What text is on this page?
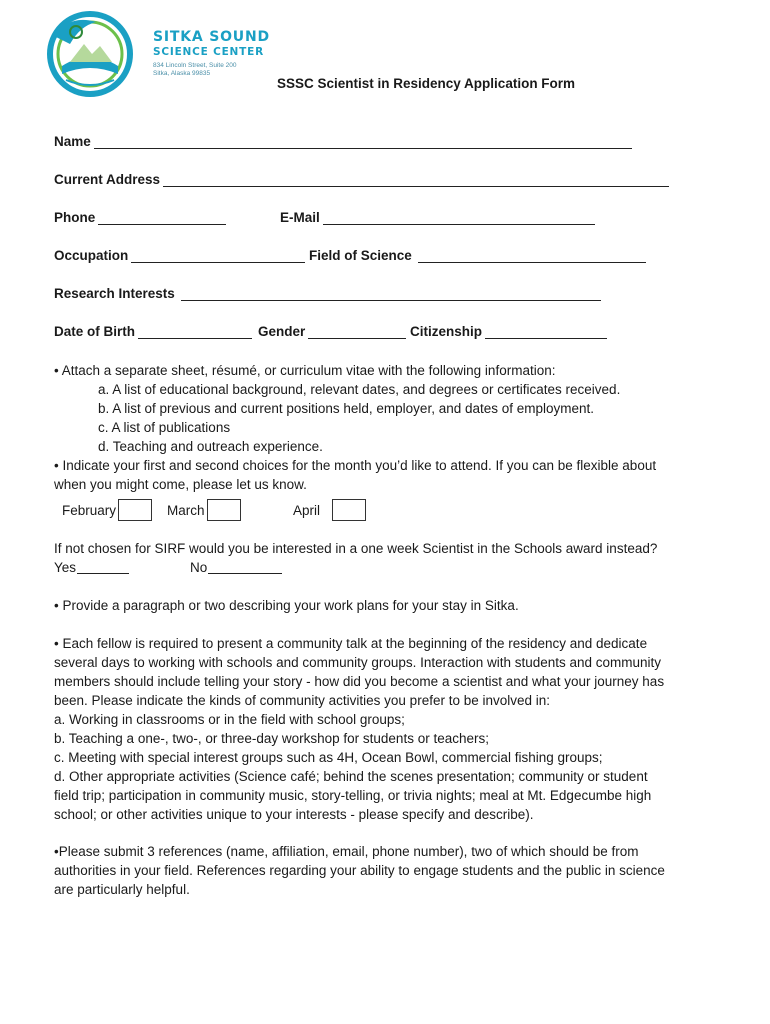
SITKA SOUND
SCIENCE CENTER
834 Lincoln Street, Suite 200
Sitka, Alaska 99835
SSSC Scientist in Residency Application Form
Name
Current Address
Phone	E-Mail
Occupation	Field of Science
Research Interests
Date of Birth	Gender	Citizenship
• Attach a separate sheet, résumé, or curriculum vitae with the following information:
a. A list of educational background, relevant dates, and degrees or certificates received.
b. A list of previous and current positions held, employer, and dates of employment.
c. A list of publications
d. Teaching and outreach experience.
• Indicate your first and second choices for the month you’d like to attend. If you can be flexible about
when you might come, please let us know.
February	March	April
If not chosen for SIRF would you be interested in a one week Scientist in the Schools award instead?
Yes	No
• Provide a paragraph or two describing your work plans for your stay in Sitka.
• Each fellow is required to present a community talk at the beginning of the residency and dedicate
several days to working with schools and community groups. Interaction with students and community
members should include telling your story - how did you become a scientist and what your journey has
been. Please indicate the kinds of community activities you prefer to be involved in:
a. Working in classrooms or in the field with school groups;
b. Teaching a one-, two-, or three-day workshop for students or teachers;
c. Meeting with special interest groups such as 4H, Ocean Bowl, commercial fishing groups;
d. Other appropriate activities (Science café; behind the scenes presentation; community or student
field trip; participation in community music, story-telling, or trivia nights; meal at Mt. Edgecumbe high
school; or other activities unique to your interests - please specify and describe).
•Please submit 3 references (name, affiliation, email, phone number), two of which should be from
authorities in your field. References regarding your ability to engage students and the public in science
are particularly helpful.
